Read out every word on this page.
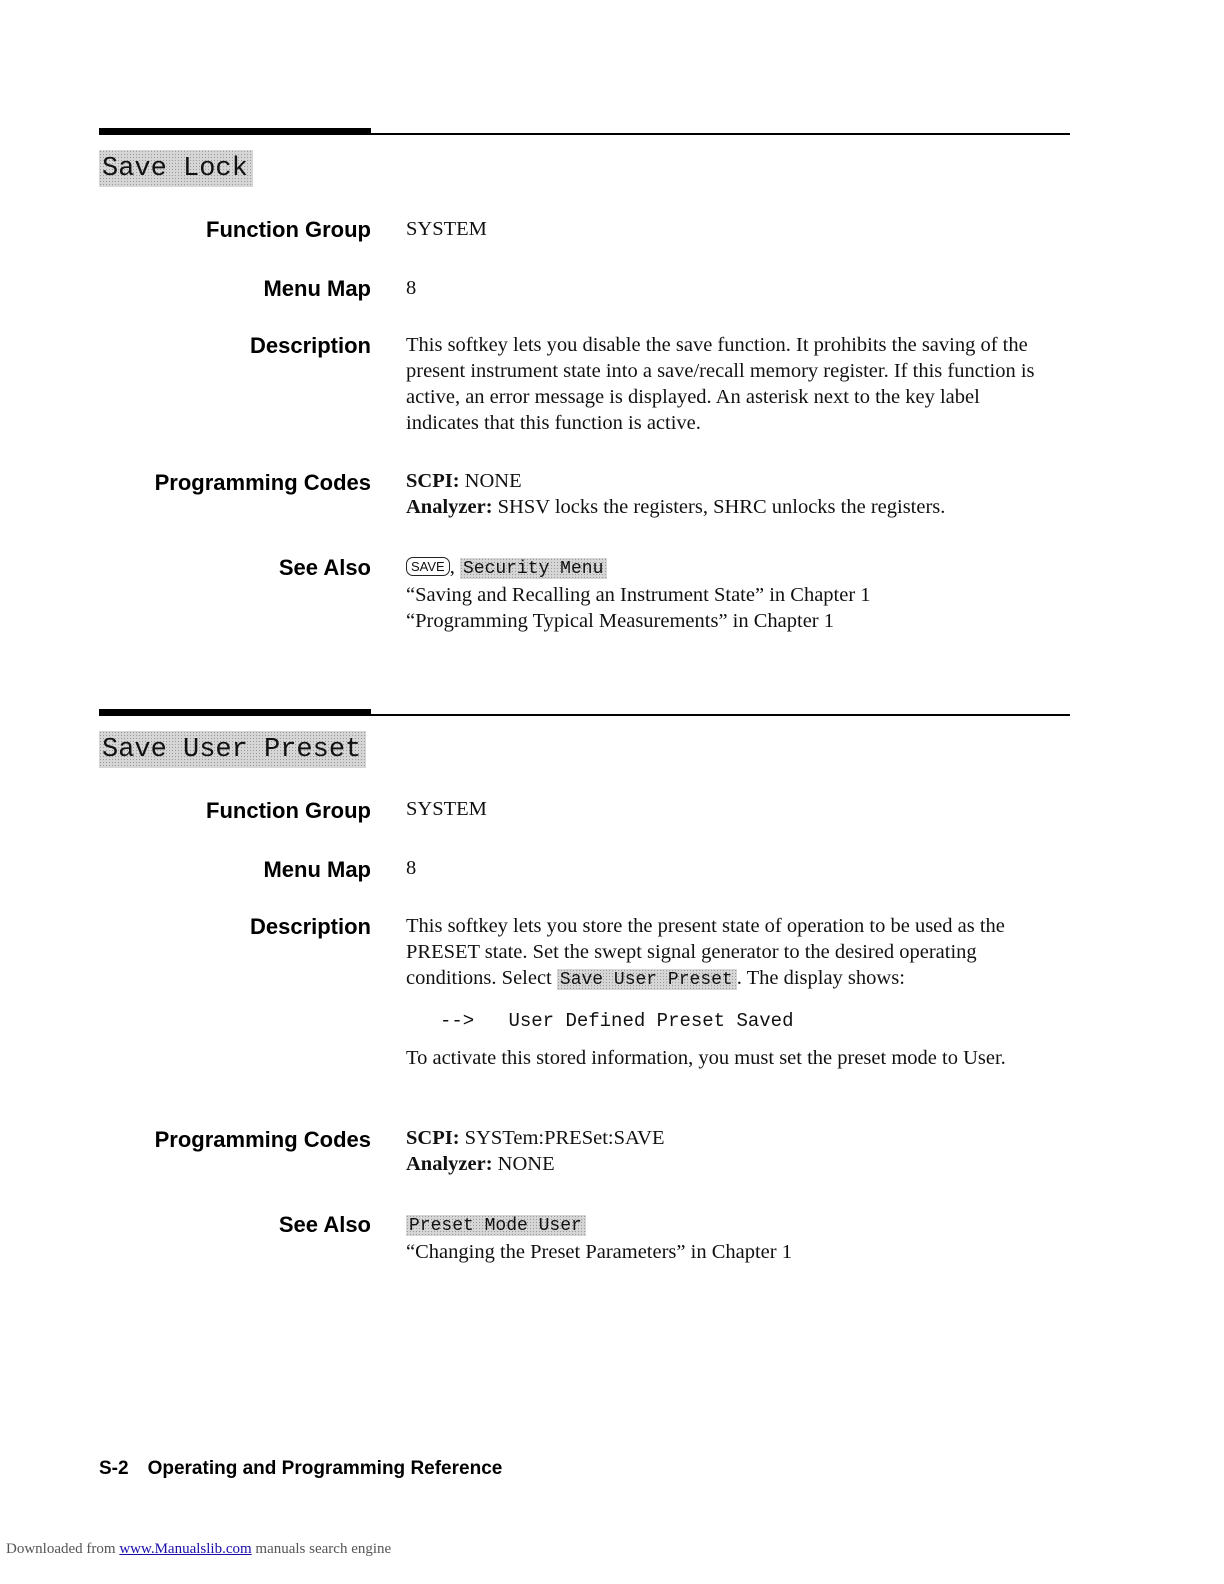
Save Lock
Function Group SYSTEM
Menu Map 8
Description This softkey lets you disable the save function. It prohibits the saving of the present instrument state into a save/recall memory register. If this function is active, an error message is displayed. An asterisk next to the key label indicates that this function is active.
Programming Codes SCPI: NONE

Analyzer: SHSV locks the registers, SHRC unlocks the registers.

See Also	SAVE , Security Menu

“Saving and Recalling an Instrument State” in Chapter 1

“Programming Typical Measurements” in Chapter 1

Save User Preset
Function Group SYSTEM
Menu Map 8
Description This softkey lets you store the present state of operation to be used as the PRESET state. Set the swept signal generator to the desired operating conditions. Select Save User Preset . The display shows:

--> User Defined Preset Saved
To activate this stored information, you must set the preset mode to User.
Programming Codes SCPI: SYSTem:PRESet:SAVE

Analyzer: NONE

See Also Preset Mode User

“Changing the Preset Parameters” in Chapter 1

S-2 Operating and Programming Reference
Downloaded from www.Manualslib.com manuals search engine
